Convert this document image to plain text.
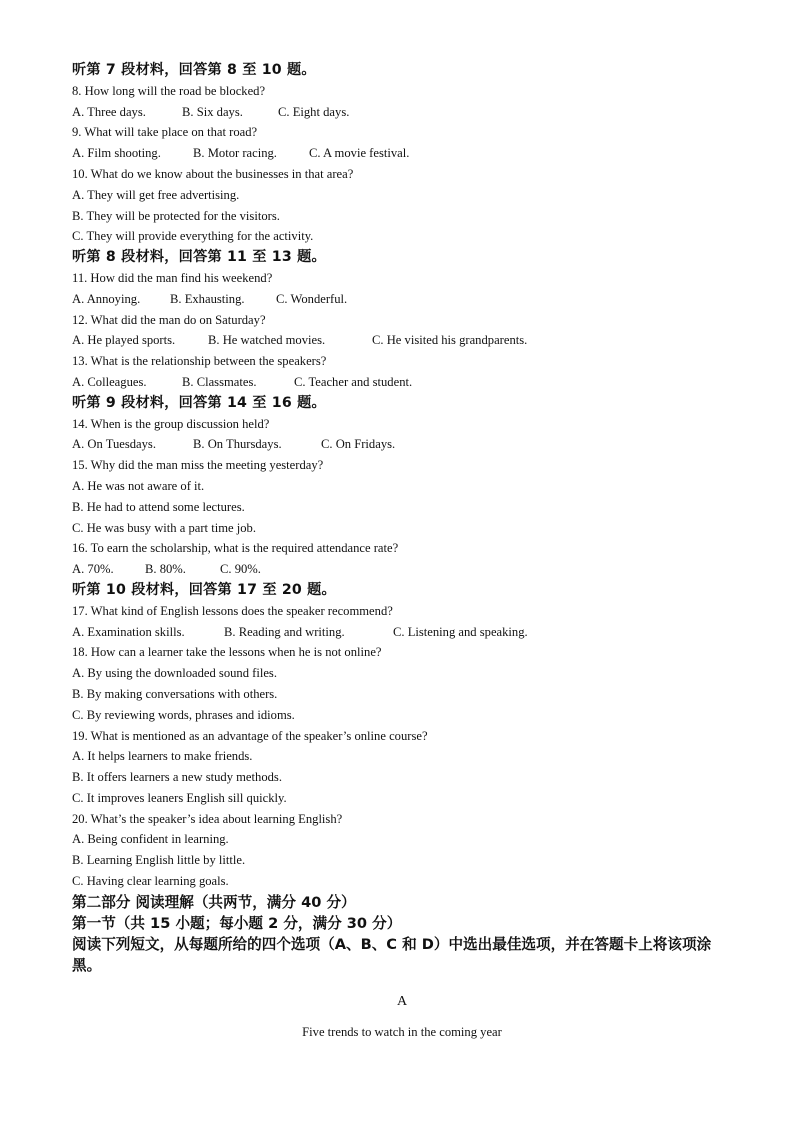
听第 7 段材料，回答第 8 至 10 题。
8. How long will the road be blocked?
A. Three days.	B. Six days.	C. Eight days.
9. What will take place on that road?
A. Film shooting.	B. Motor racing.	C. A movie festival.
10. What do we know about the businesses in that area?
A. They will get free advertising.
B. They will be protected for the visitors.
C. They will provide everything for the activity.
听第 8 段材料，回答第 11 至 13 题。
11. How did the man find his weekend?
A. Annoying. B. Exhausting. C. Wonderful.
12. What did the man do on Saturday?
A. He played sports.	B. He watched movies.	C. He visited his grandparents.
13. What is the relationship between the speakers?
A. Colleagues.	B. Classmates.	C. Teacher and student.
听第 9 段材料，回答第 14 至 16 题。
14. When is the group discussion held?
A. On Tuesdays.	B. On Thursdays.	C. On Fridays.
15. Why did the man miss the meeting yesterday?
A. He was not aware of it.
B. He had to attend some lectures.
C. He was busy with a part time job.
16. To earn the scholarship, what is the required attendance rate?
A. 70%. B. 80%.	C. 90%.
听第 10 段材料，回答第 17 至 20 题。
17. What kind of English lessons does the speaker recommend?
A. Examination skills.	B. Reading and writing.	C. Listening and speaking.
18. How can a learner take the lessons when he is not online?
A. By using the downloaded sound files.
B. By making conversations with others.
C. By reviewing words, phrases and idioms.
19. What is mentioned as an advantage of the speaker’s online course?
A. It helps learners to make friends.
B. It offers learners a new study methods.
C. It improves leaners English sill quickly.
20. What’s the speaker’s idea about learning English?
A. Being confident in learning.
B. Learning English little by little.
C. Having clear learning goals.
第二部分 阅读理解（共两节，满分 40 分）
第一节（共 15 小题；每小题 2 分，满分 30 分）
阅读下列短文，从每题所给的四个选项（A、B、C 和 D）中选出最佳选项，并在答题卡上将该项涂黑。
A
Five trends to watch in the coming year
